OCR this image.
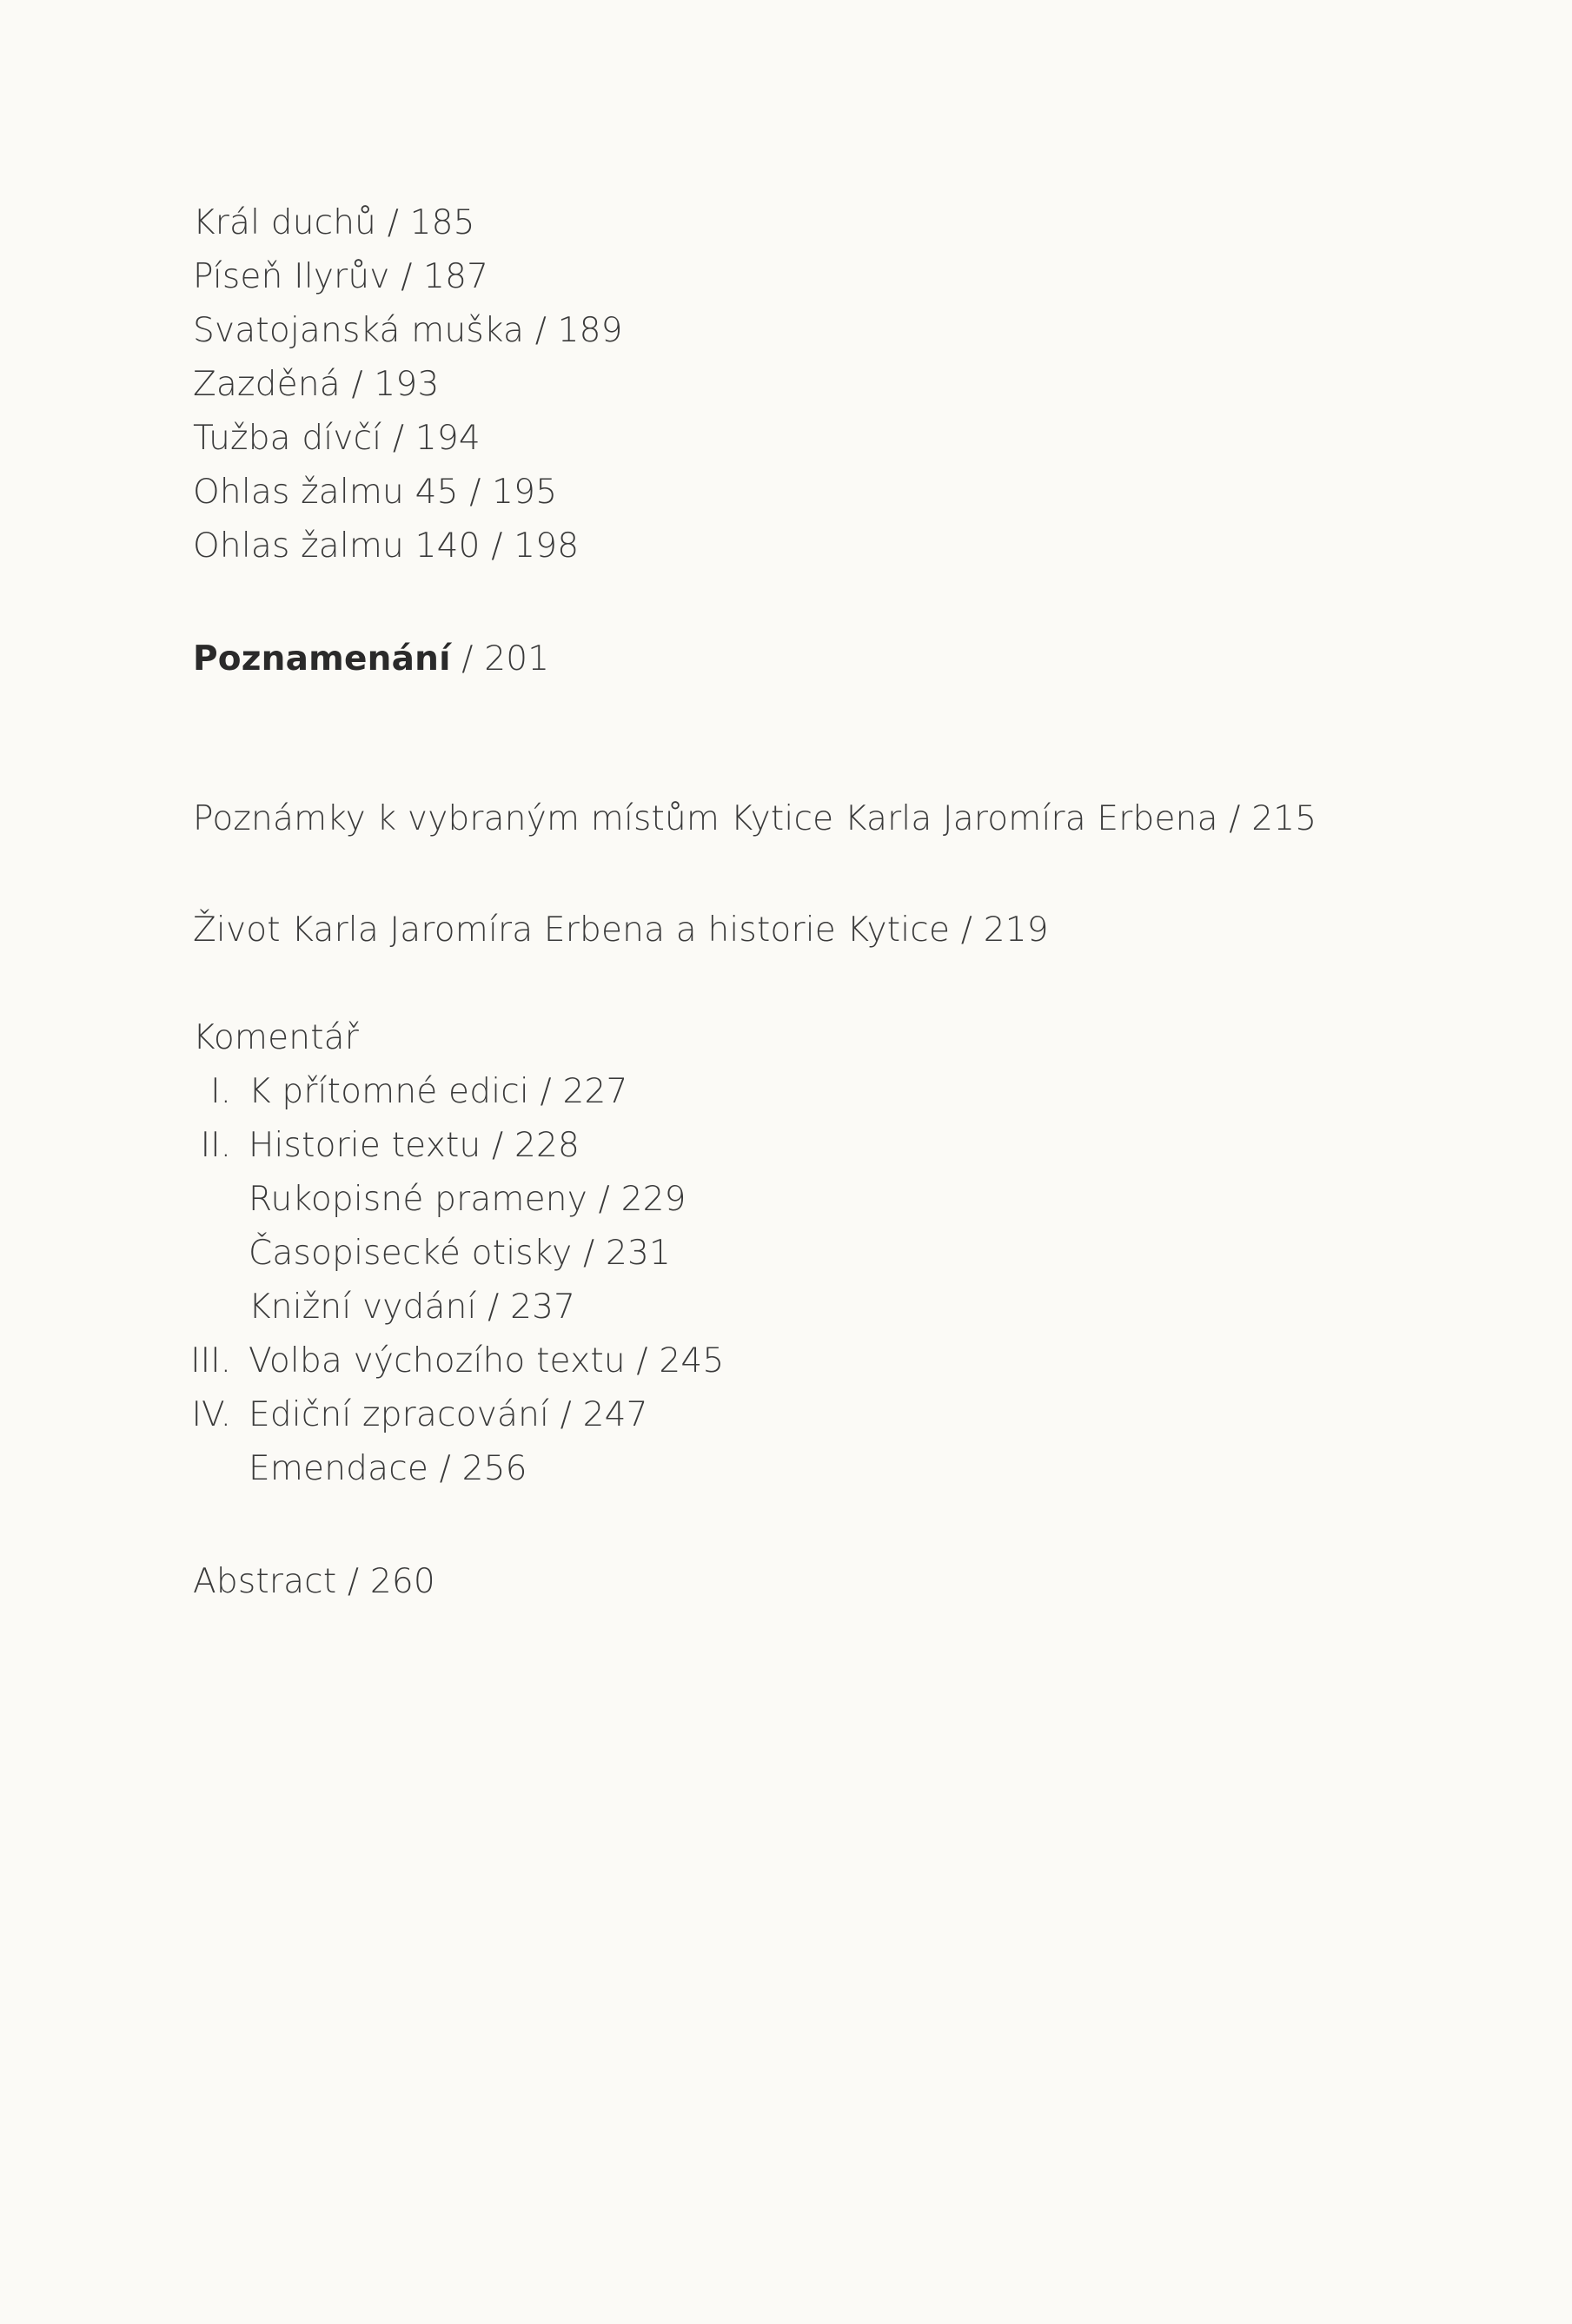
Král duchů / 185
Píseň Ilyrův / 187
Svatojanská muška / 189
Zazděná / 193
Tužba dívčí / 194
Ohlas žalmu 45 / 195
Ohlas žalmu 140 / 198
Poznamenání / 201
Poznámky k vybraným místům Kytice Karla Jaromíra Erbena / 215
Život Karla Jaromíra Erbena a historie Kytice / 219
Komentář
I. K přítomné edici / 227
II. Historie textu / 228
Rukopisné prameny / 229
Časopisecké otisky / 231
Knižní vydání / 237
III. Volba výchozího textu / 245
IV. Ediční zpracování / 247
Emendace / 256
Abstract / 260
